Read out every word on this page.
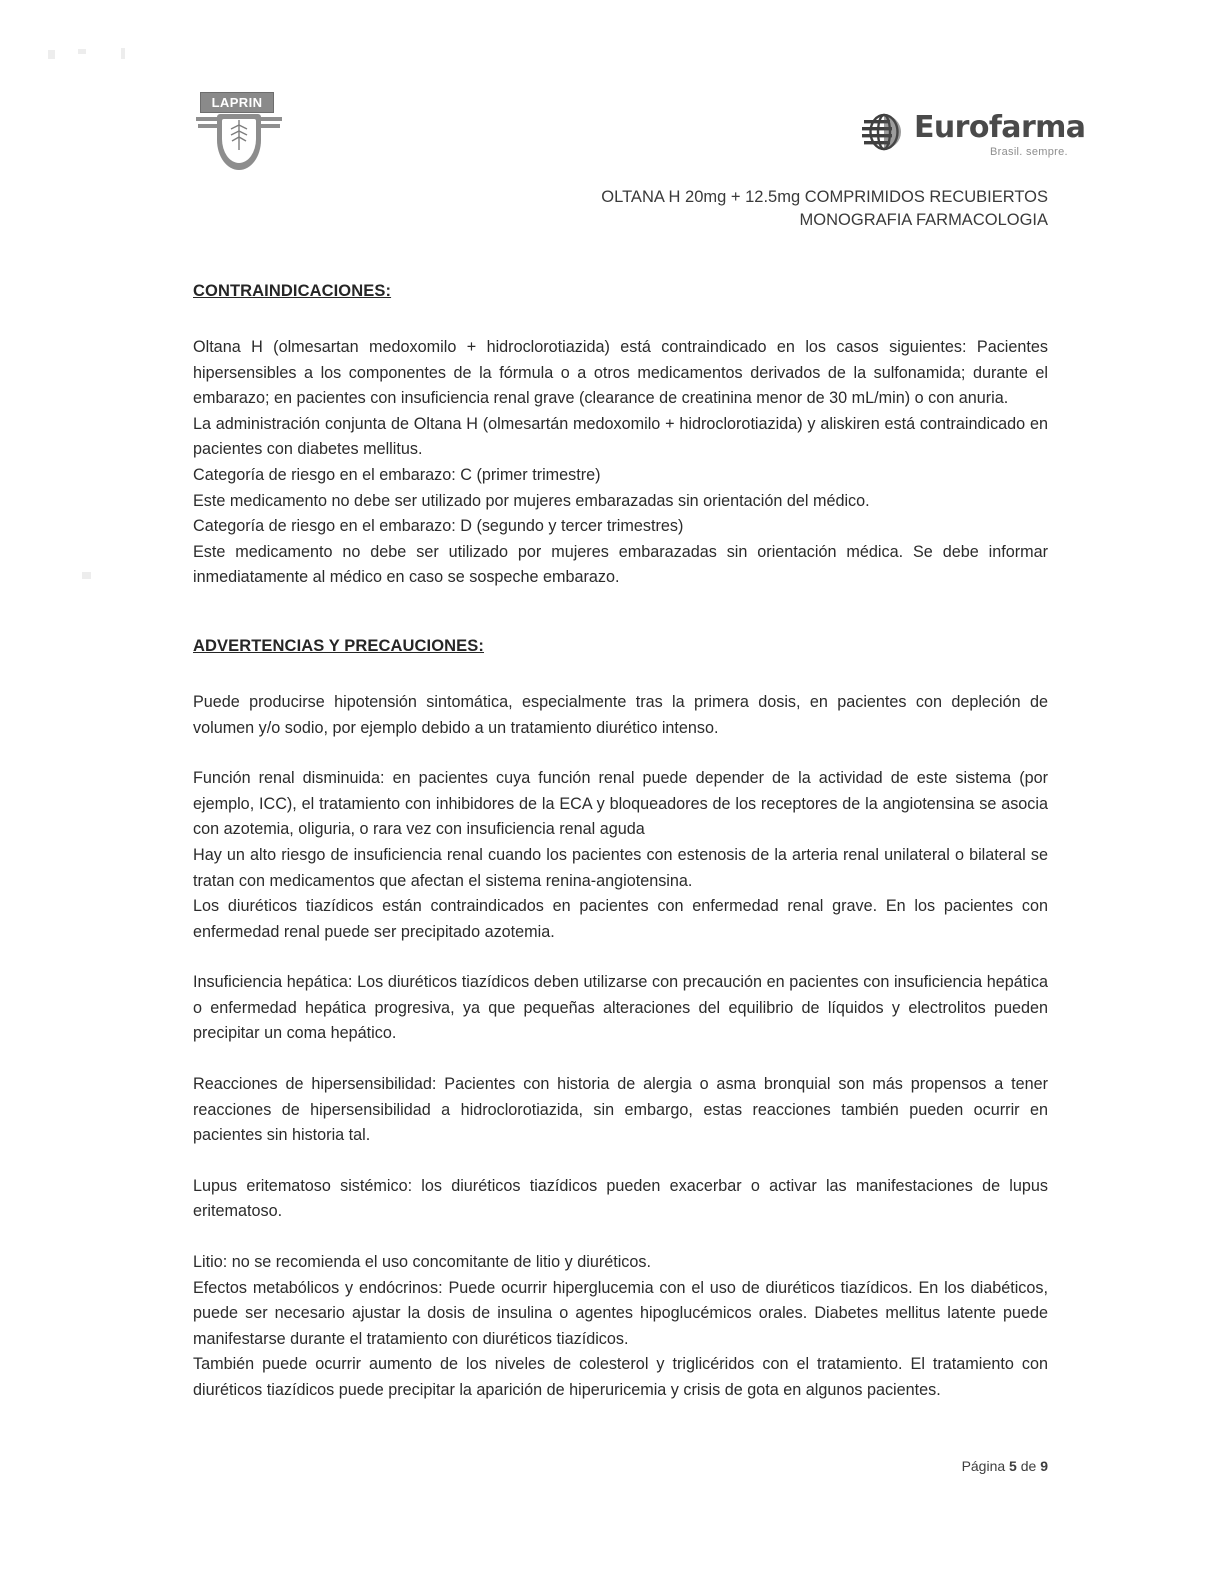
LAPRIN
Eurofarma
Brasil. sempre.
OLTANA H 20mg + 12.5mg COMPRIMIDOS RECUBIERTOS
MONOGRAFIA FARMACOLOGIA
CONTRAINDICACIONES:

Oltana H (olmesartan medoxomilo + hidroclorotiazida) está contraindicado en los casos siguientes: Pacientes hipersensibles a los componentes de la fórmula o a otros medicamentos derivados de la sulfonamida; durante el embarazo; en pacientes con insuficiencia renal grave (clearance de creatinina menor de 30 mL/min) o con anuria.

La administración conjunta de Oltana H (olmesartán medoxomilo + hidroclorotiazida) y aliskiren está contraindicado en pacientes con diabetes mellitus.

Categoría de riesgo en el embarazo: C (primer trimestre)

Este medicamento no debe ser utilizado por mujeres embarazadas sin orientación del médico.

Categoría de riesgo en el embarazo: D (segundo y tercer trimestres)

Este medicamento no debe ser utilizado por mujeres embarazadas sin orientación médica. Se debe informar inmediatamente al médico en caso se sospeche embarazo.

ADVERTENCIAS Y PRECAUCIONES:

Puede producirse hipotensión sintomática, especialmente tras la primera dosis, en pacientes con depleción de volumen y/o sodio, por ejemplo debido a un tratamiento diurético intenso.

Función renal disminuida: en pacientes cuya función renal puede depender de la actividad de este sistema (por ejemplo, ICC), el tratamiento con inhibidores de la ECA y bloqueadores de los receptores de la angiotensina se asocia con azotemia, oliguria, o rara vez con insuficiencia renal aguda

Hay un alto riesgo de insuficiencia renal cuando los pacientes con estenosis de la arteria renal unilateral o bilateral se tratan con medicamentos que afectan el sistema renina-angiotensina.

Los diuréticos tiazídicos están contraindicados en pacientes con enfermedad renal grave. En los pacientes con enfermedad renal puede ser precipitado azotemia.

Insuficiencia hepática: Los diuréticos tiazídicos deben utilizarse con precaución en pacientes con insuficiencia hepática o enfermedad hepática progresiva, ya que pequeñas alteraciones del equilibrio de líquidos y electrolitos pueden precipitar un coma hepático.

Reacciones de hipersensibilidad: Pacientes con historia de alergia o asma bronquial son más propensos a tener reacciones de hipersensibilidad a hidroclorotiazida, sin embargo, estas reacciones también pueden ocurrir en pacientes sin historia tal.

Lupus eritematoso sistémico: los diuréticos tiazídicos pueden exacerbar o activar las manifestaciones de lupus eritematoso.

Litio: no se recomienda el uso concomitante de litio y diuréticos.

Efectos metabólicos y endócrinos: Puede ocurrir hiperglucemia con el uso de diuréticos tiazídicos. En los diabéticos, puede ser necesario ajustar la dosis de insulina o agentes hipoglucémicos orales. Diabetes mellitus latente puede manifestarse durante el tratamiento con diuréticos tiazídicos.

También puede ocurrir aumento de los niveles de colesterol y triglicéridos con el tratamiento. El tratamiento con diuréticos tiazídicos puede precipitar la aparición de hiperuricemia y crisis de gota en algunos pacientes.

Página 5 de 9
